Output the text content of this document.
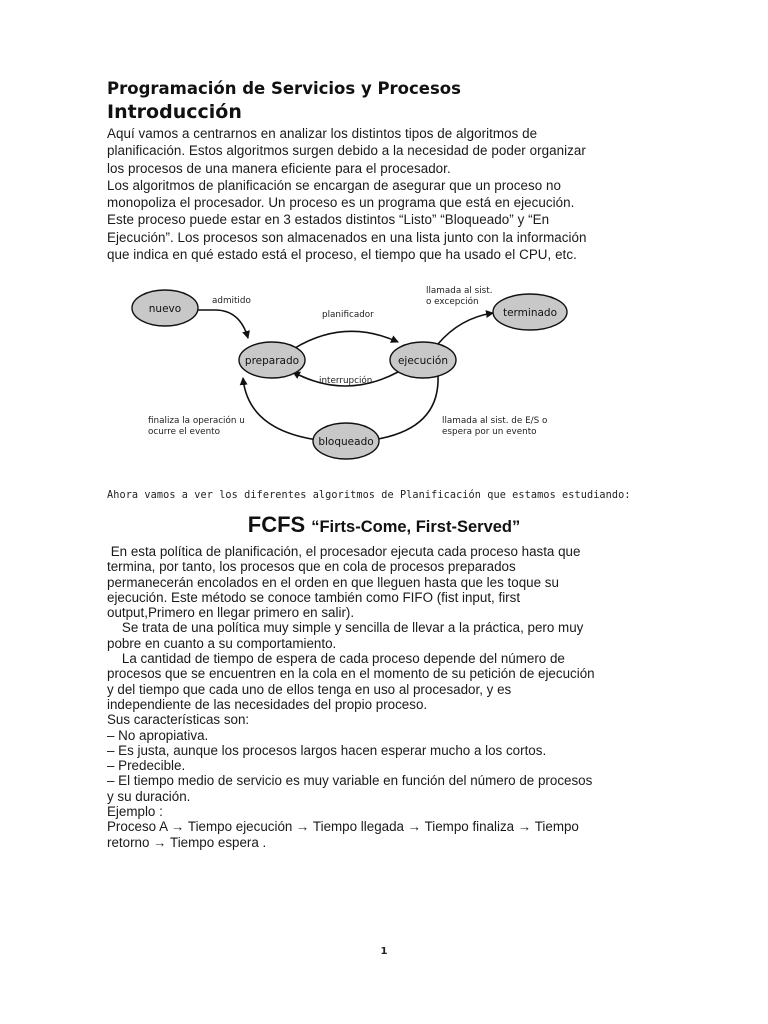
Programación de Servicios y Procesos
Introducción

Aquí vamos a centrarnos en analizar los distintos tipos de algoritmos de

planificación. Estos algoritmos surgen debido a la necesidad de poder organizar

los procesos de una manera eficiente para el procesador.

Los algoritmos de planificación se encargan de asegurar que un proceso no

monopoliza el procesador. Un proceso es un programa que está en ejecución.

Este proceso puede estar en 3 estados distintos “Listo” “Bloqueado” y “En

Ejecución”. Los procesos son almacenados en una lista junto con la información

que indica en qué estado está el proceso, el tiempo que ha usado el CPU, etc.

nuevo
preparado	ejecución
terminado
bloqueado
admitido
planificador
interrupción
llamada al sist.
o excepción
finaliza la operación u
ocurre el evento
llamada al sist. de E/S o
espera por un evento
Ahora vamos a ver los diferentes algoritmos de Planificación que estamos estudiando:
FCFS “Firts-Come, First-Served”

En esta política de planificación, el procesador ejecuta cada proceso hasta que

termina, por tanto, los procesos que en cola de procesos preparados

permanecerán encolados en el orden en que lleguen hasta que les toque su

ejecución. Este método se conoce también como FIFO (fist input, first

output,Primero en llegar primero en salir).

Se trata de una política muy simple y sencilla de llevar a la práctica, pero muy

pobre en cuanto a su comportamiento.

La cantidad de tiempo de espera de cada proceso depende del número de

procesos que se encuentren en la cola en el momento de su petición de ejecución

y del tiempo que cada uno de ellos tenga en uso al procesador, y es

independiente de las necesidades del propio proceso.

Sus características son:

– No apropiativa.

– Es justa, aunque los procesos largos hacen esperar mucho a los cortos.

– Predecible.

– El tiempo medio de servicio es muy variable en función del número de procesos

y su duración.

Ejemplo :

Proceso A → Tiempo ejecución → Tiempo llegada → Tiempo finaliza → Tiempo

retorno → Tiempo espera .

1
